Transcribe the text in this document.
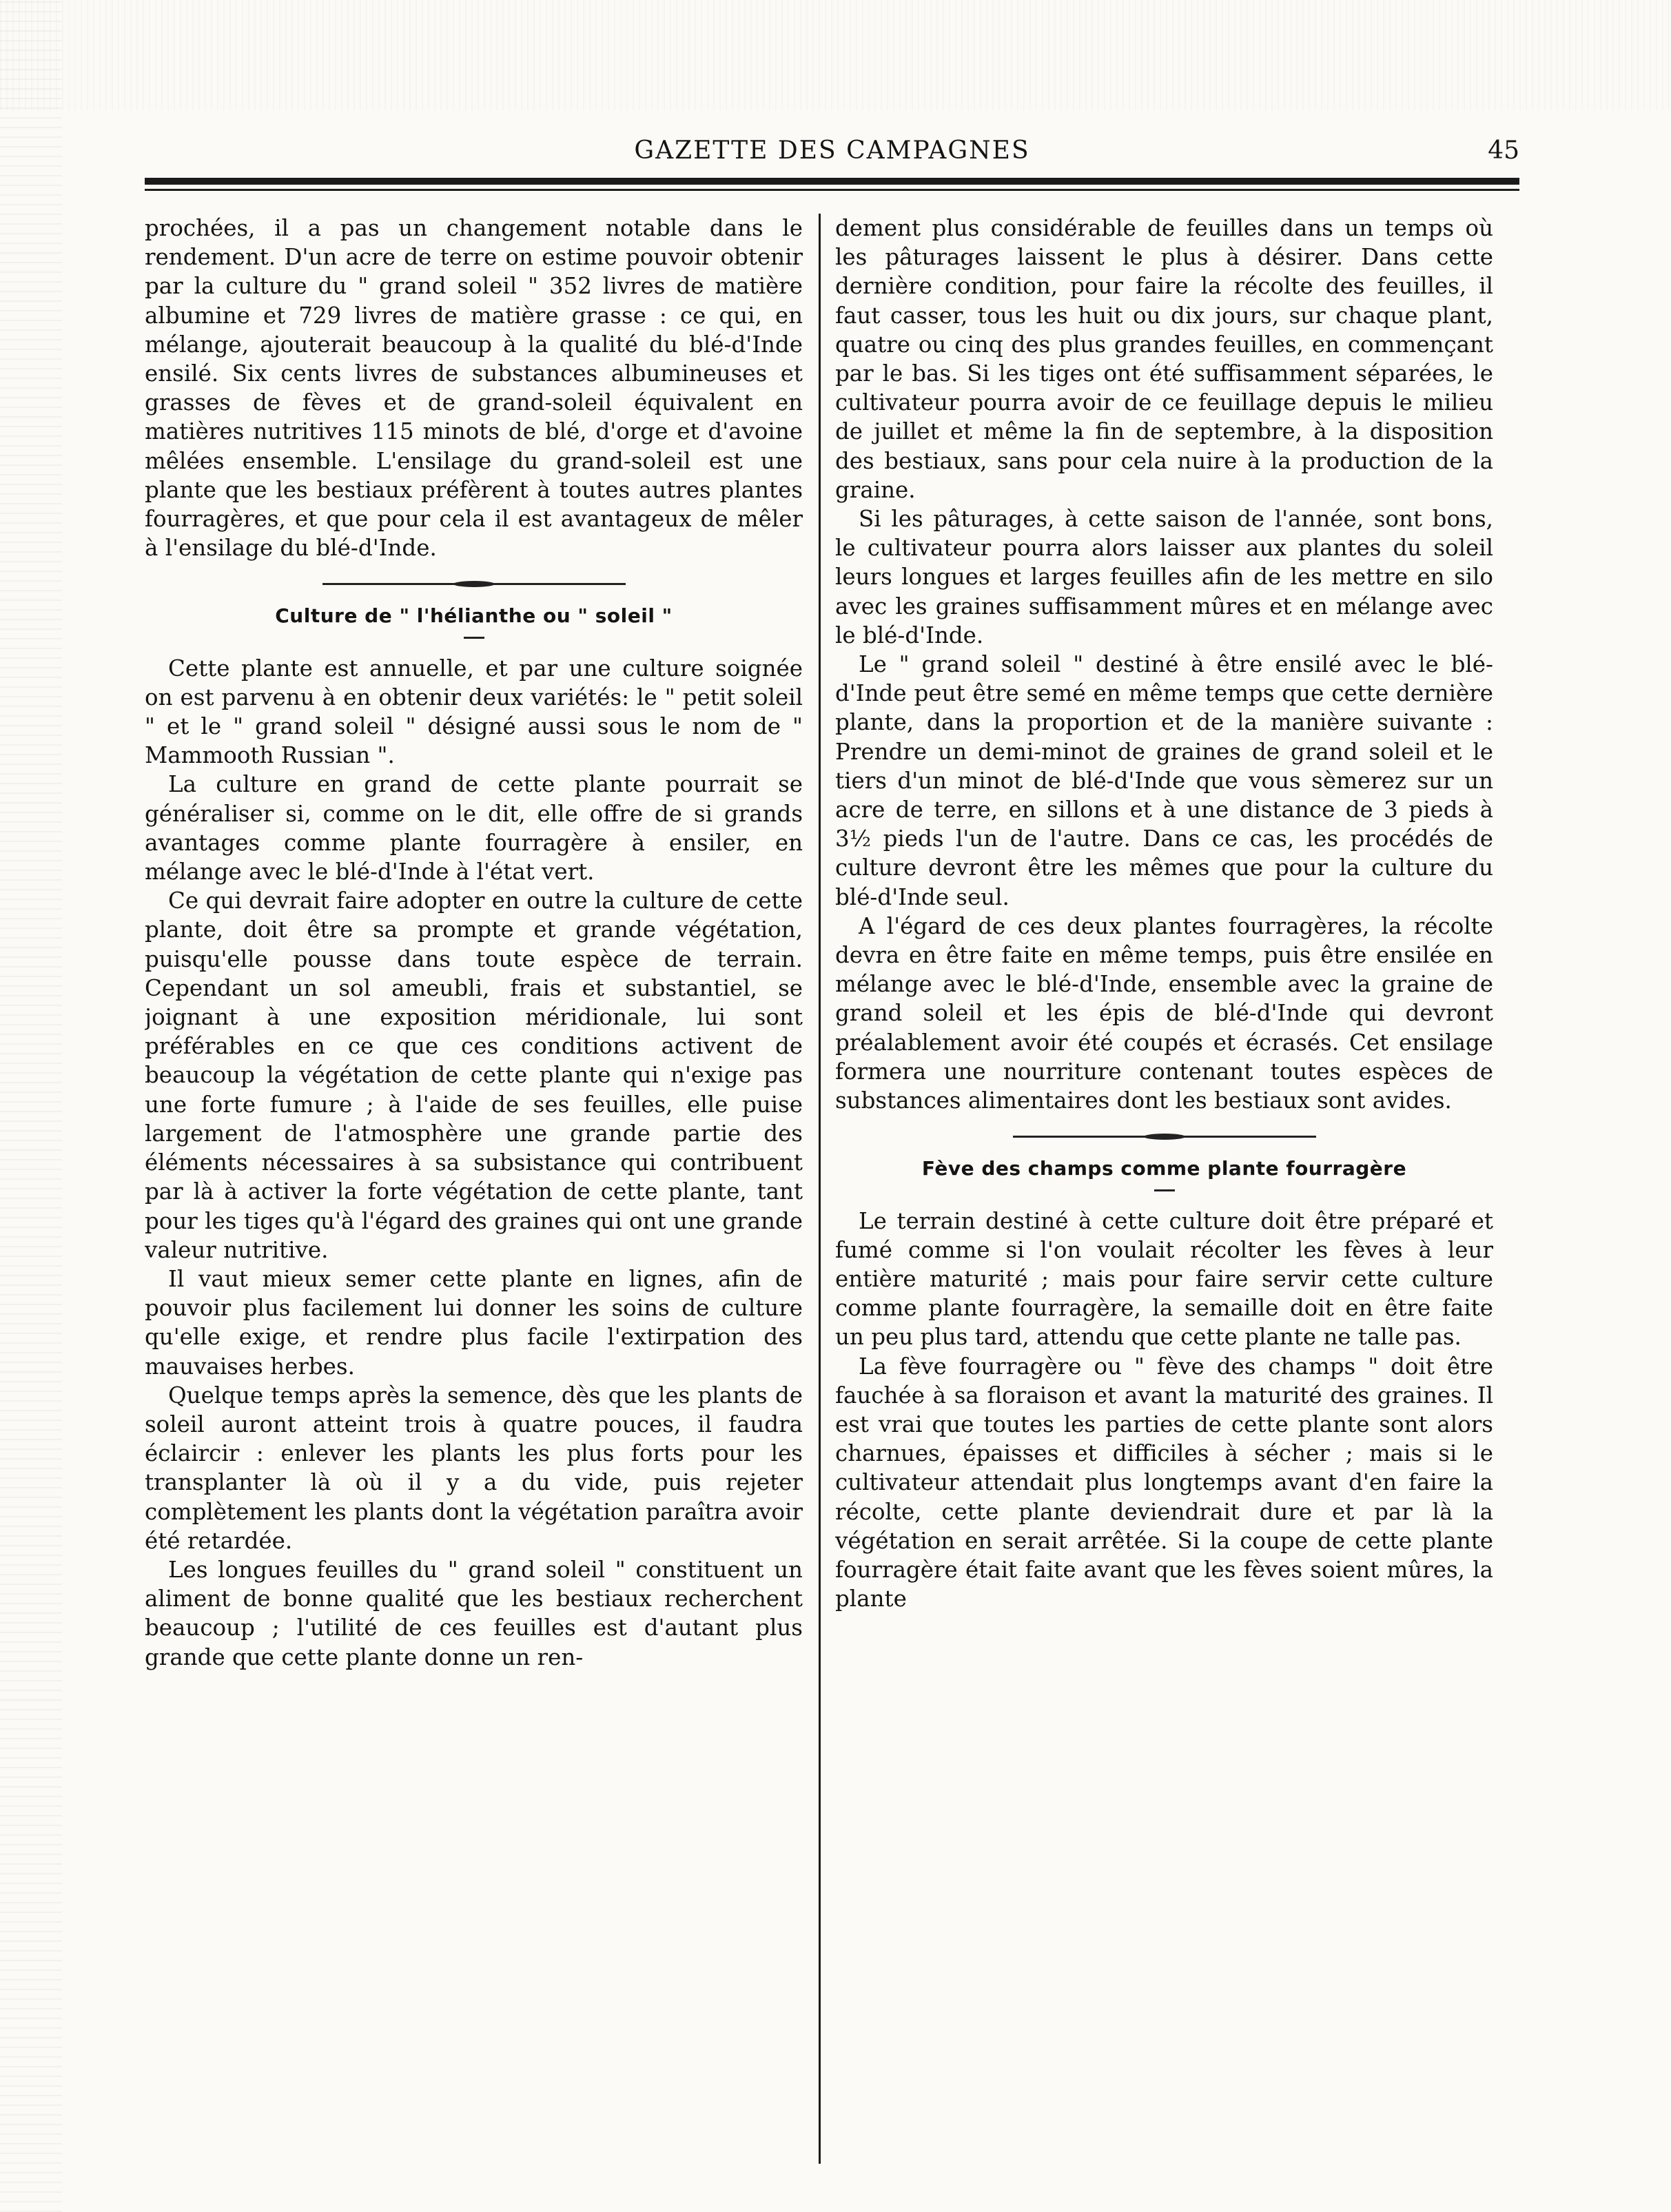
GAZETTE DES CAMPAGNES	45

prochées, il a pas un changement notable dans le rendement. D'un acre de terre on estime pouvoir obtenir par la culture du " grand soleil " 352 livres de matière albumine et 729 livres de matière grasse : ce qui, en mélange, ajouterait beaucoup à la qualité du blé-d'Inde ensilé. Six cents livres de substances albumineuses et grasses de fèves et de grand-soleil équivalent en matières nutritives 115 minots de blé, d'orge et d'avoine mêlées ensemble. L'ensilage du grand-soleil est une plante que les bestiaux préfèrent à toutes autres plantes fourragères, et que pour cela il est avantageux de mêler à l'ensilage du blé-d'Inde.

Culture de " l'hélianthe ou " soleil "

Cette plante est annuelle, et par une culture soignée on est parvenu à en obtenir deux variétés: le " petit soleil " et le " grand soleil " désigné aussi sous le nom de " Mammooth Russian ".

La culture en grand de cette plante pourrait se généraliser si, comme on le dit, elle offre de si grands avantages comme plante fourragère à ensiler, en mélange avec le blé-d'Inde à l'état vert.

Ce qui devrait faire adopter en outre la culture de cette plante, doit être sa prompte et grande végétation, puisqu'elle pousse dans toute espèce de terrain. Cependant un sol ameubli, frais et substantiel, se joignant à une exposition méridionale, lui sont préférables en ce que ces conditions activent de beaucoup la végétation de cette plante qui n'exige pas une forte fumure ; à l'aide de ses feuilles, elle puise largement de l'atmosphère une grande partie des éléments nécessaires à sa subsistance qui contribuent par là à activer la forte végétation de cette plante, tant pour les tiges qu'à l'égard des graines qui ont une grande valeur nutritive.

Il vaut mieux semer cette plante en lignes, afin de pouvoir plus facilement lui donner les soins de culture qu'elle exige, et rendre plus facile l'extirpation des mauvaises herbes.

Quelque temps après la semence, dès que les plants de soleil auront atteint trois à quatre pouces, il faudra éclaircir : enlever les plants les plus forts pour les transplanter là où il y a du vide, puis rejeter complètement les plants dont la végétation paraîtra avoir été retardée.

Les longues feuilles du " grand soleil " constituent un aliment de bonne qualité que les bestiaux recherchent beaucoup ; l'utilité de ces feuilles est d'autant plus grande que cette plante donne un ren-

dement plus considérable de feuilles dans un temps où les pâturages laissent le plus à désirer. Dans cette dernière condition, pour faire la récolte des feuilles, il faut casser, tous les huit ou dix jours, sur chaque plant, quatre ou cinq des plus grandes feuilles, en commençant par le bas. Si les tiges ont été suffisamment séparées, le cultivateur pourra avoir de ce feuillage depuis le milieu de juillet et même la fin de septembre, à la disposition des bestiaux, sans pour cela nuire à la production de la graine.

Si les pâturages, à cette saison de l'année, sont bons, le cultivateur pourra alors laisser aux plantes du soleil leurs longues et larges feuilles afin de les mettre en silo avec les graines suffisamment mûres et en mélange avec le blé-d'Inde.

Le " grand soleil " destiné à être ensilé avec le blé-d'Inde peut être semé en même temps que cette dernière plante, dans la proportion et de la manière suivante : Prendre un demi-minot de graines de grand soleil et le tiers d'un minot de blé-d'Inde que vous sèmerez sur un acre de terre, en sillons et à une distance de 3 pieds à 3½ pieds l'un de l'autre. Dans ce cas, les procédés de culture devront être les mêmes que pour la culture du blé-d'Inde seul.

A l'égard de ces deux plantes fourragères, la récolte devra en être faite en même temps, puis être ensilée en mélange avec le blé-d'Inde, ensemble avec la graine de grand soleil et les épis de blé-d'Inde qui devront préalablement avoir été coupés et écrasés. Cet ensilage formera une nourriture contenant toutes espèces de substances alimentaires dont les bestiaux sont avides.

Fève des champs comme plante fourragère

Le terrain destiné à cette culture doit être préparé et fumé comme si l'on voulait récolter les fèves à leur entière maturité ; mais pour faire servir cette culture comme plante fourragère, la semaille doit en être faite un peu plus tard, attendu que cette plante ne talle pas.

La fève fourragère ou " fève des champs " doit être fauchée à sa floraison et avant la maturité des graines. Il est vrai que toutes les parties de cette plante sont alors charnues, épaisses et difficiles à sécher ; mais si le cultivateur attendait plus longtemps avant d'en faire la récolte, cette plante deviendrait dure et par là la végétation en serait arrêtée. Si la coupe de cette plante fourragère était faite avant que les fèves soient mûres, la plante
